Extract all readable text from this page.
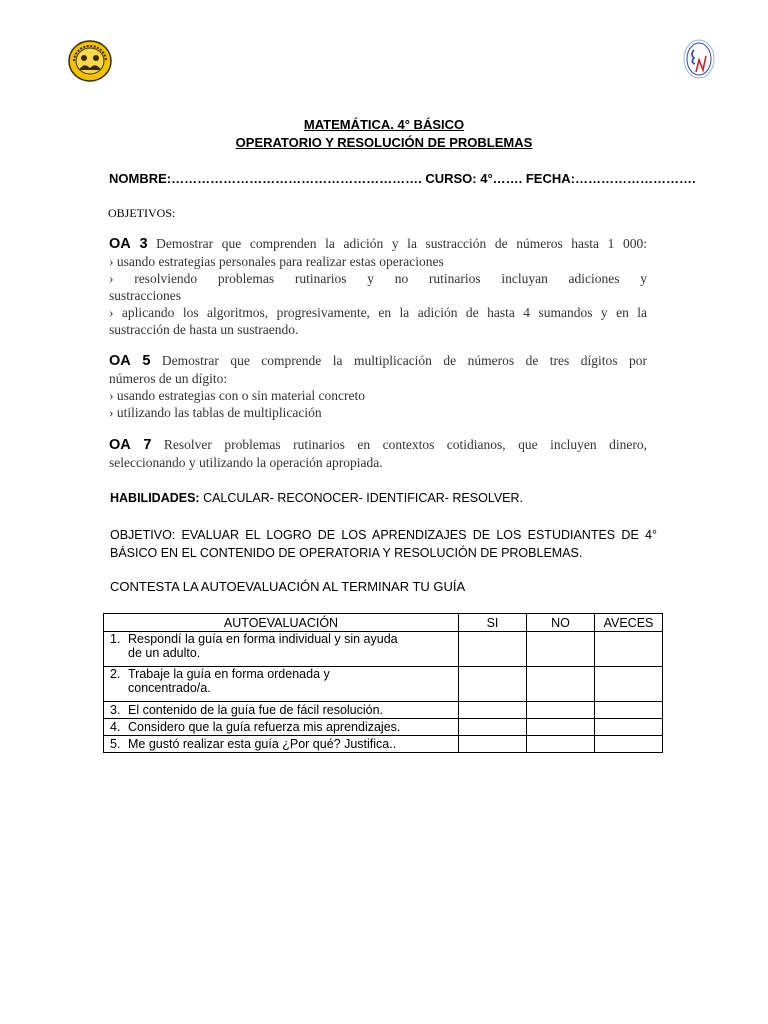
MATEMÁTICA. 4° BÁSICO
OPERATORIO Y RESOLUCIÓN DE PROBLEMAS
NOMBRE:…………………………………………………. CURSO: 4°……. FECHA:……………………….
OBJETIVOS:
OA 3 Demostrar que comprenden la adición y la sustracción de números hasta 1 000:
› usando estrategias personales para realizar estas operaciones
› resolviendo problemas rutinarios y no rutinarios incluyan adiciones y
sustracciones
› aplicando los algoritmos, progresivamente, en la adición de hasta 4 sumandos y en la
sustracción de hasta un sustraendo.
OA 5 Demostrar que comprende la multiplicación de números de tres dígitos por
números de un dígito:
› usando estrategias con o sin material concreto
› utilizando las tablas de multiplicación
OA 7 Resolver problemas rutinarios en contextos cotidianos, que incluyen dinero,
seleccionando y utilizando la operación apropiada.
HABILIDADES: CALCULAR- RECONOCER- IDENTIFICAR- RESOLVER.
OBJETIVO: EVALUAR EL LOGRO DE LOS APRENDIZAJES DE LOS ESTUDIANTES DE 4°
BÁSICO EN EL CONTENIDO DE OPERATORIA Y RESOLUCIÓN DE PROBLEMAS.
CONTESTA LA AUTOEVALUACIÓN AL TERMINAR TU GUÍA
AUTOEVALUACIÓN	SI	NO	AVECES

1. Respondí la guía en forma individual y sin ayuda
de un adulto.			

2. Trabaje la guía en forma ordenada y
concentrado/a.			

3. El contenido de la guía fue de fácil resolución.			

4. Considero que la guía refuerza mis aprendizajes.			

5. Me gustó realizar esta guía ¿Por qué? Justifica..			
